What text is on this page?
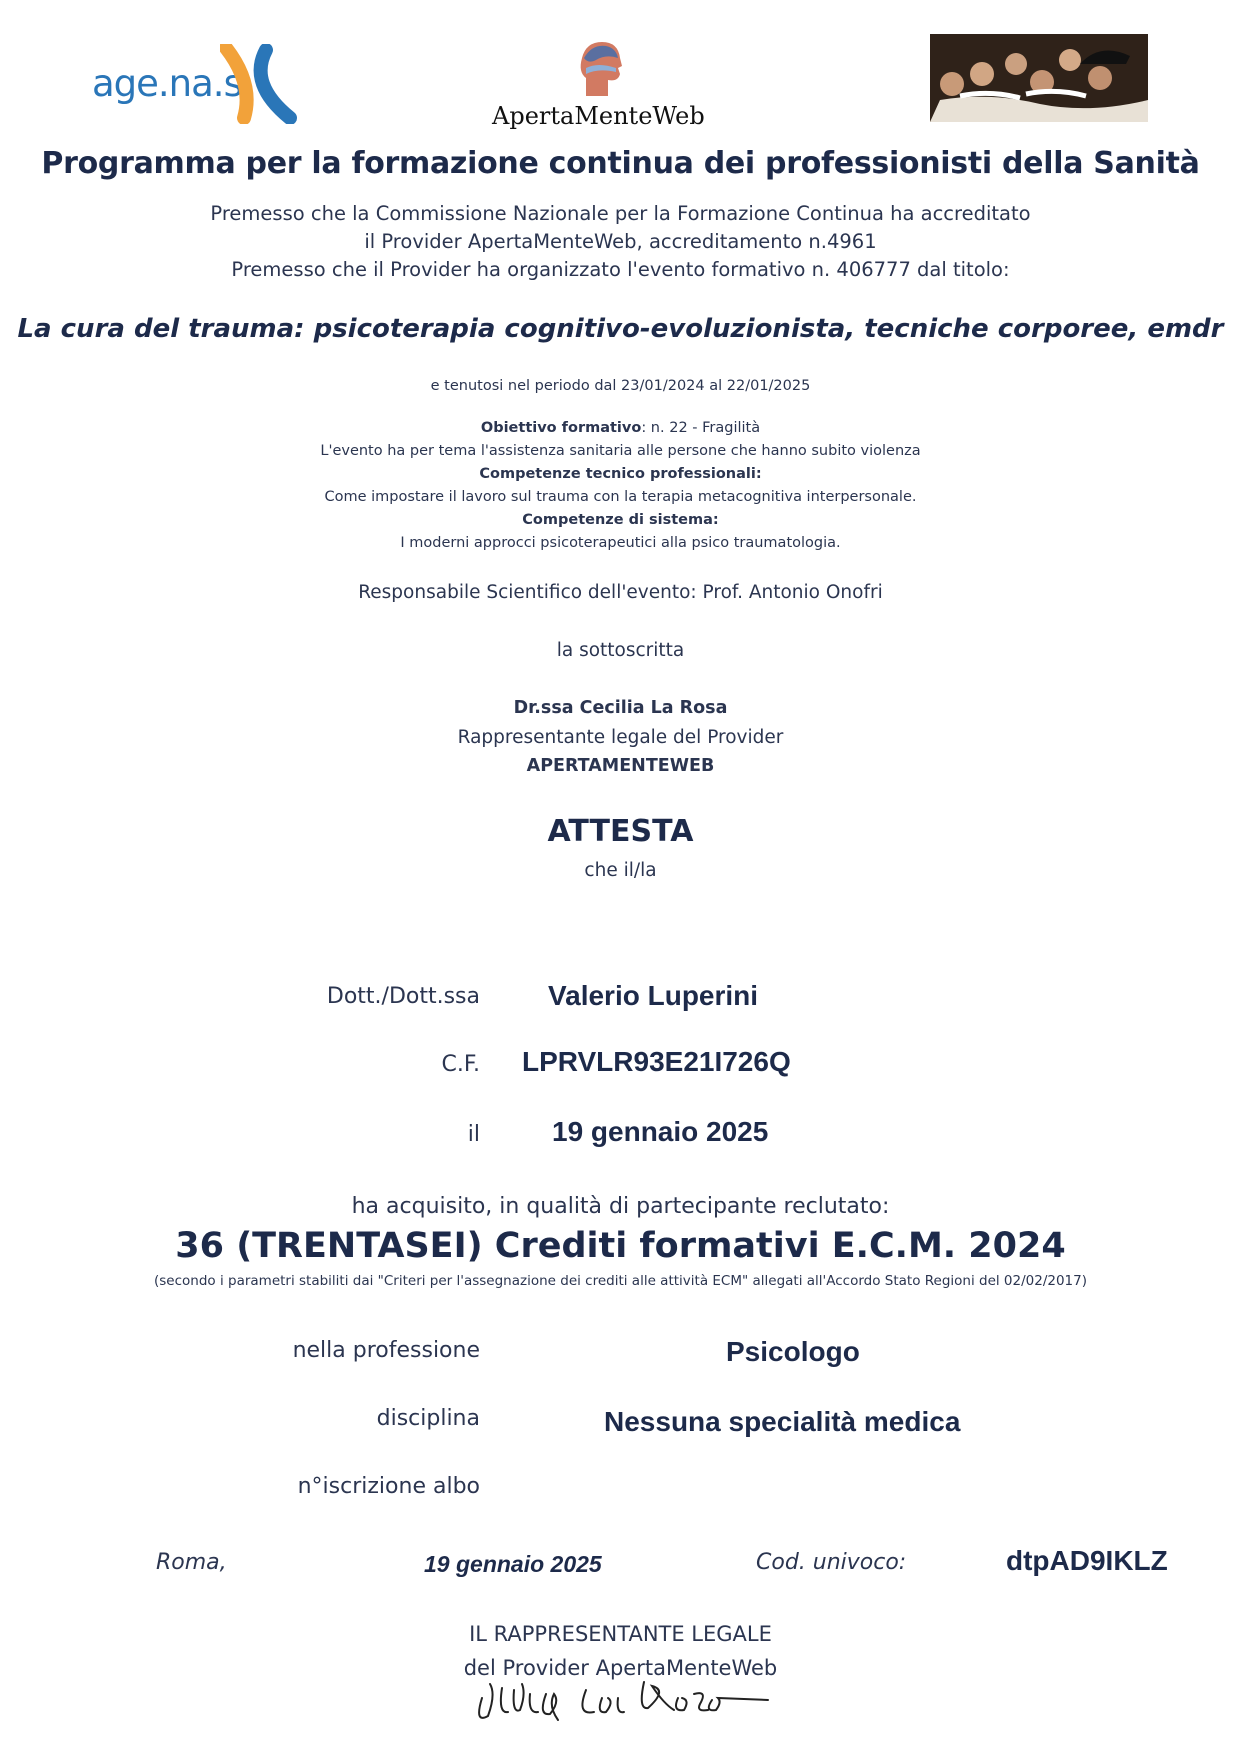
age.na.s.
ApertaMenteWeb
Programma per la formazione continua dei professionisti della Sanità
Premesso che la Commissione Nazionale per la Formazione Continua ha accreditato
il Provider ApertaMenteWeb, accreditamento n.4961
Premesso che il Provider ha organizzato l'evento formativo n. 406777 dal titolo:
La cura del trauma: psicoterapia cognitivo-evoluzionista, tecniche corporee, emdr
e tenutosi nel periodo dal 23/01/2024 al 22/01/2025
Obiettivo formativo: n. 22 - Fragilità
L'evento ha per tema l'assistenza sanitaria alle persone che hanno subito violenza
Competenze tecnico professionali:
Come impostare il lavoro sul trauma con la terapia metacognitiva interpersonale.
Competenze di sistema:
I moderni approcci psicoterapeutici alla psico traumatologia.
Responsabile Scientifico dell'evento: Prof. Antonio Onofri
la sottoscritta
Dr.ssa Cecilia La Rosa
Rappresentante legale del Provider
APERTAMENTEWEB
ATTESTA
che il/la
Dott./Dott.ssa Valerio Luperini
C.F. LPRVLR93E21I726Q
il	19 gennaio 2025
ha acquisito, in qualità di partecipante reclutato:
36 (TRENTASEI) Crediti formativi E.C.M. 2024
(secondo i parametri stabiliti dai "Criteri per l'assegnazione dei crediti alle attività ECM" allegati all'Accordo Stato Regioni del 02/02/2017)
nella professione	Psicologo
disciplina	Nessuna specialità medica
n°iscrizione albo
Roma,	19 gennaio 2025	Cod. univoco:	dtpAD9IKLZ
IL RAPPRESENTANTE LEGALE
del Provider ApertaMenteWeb
